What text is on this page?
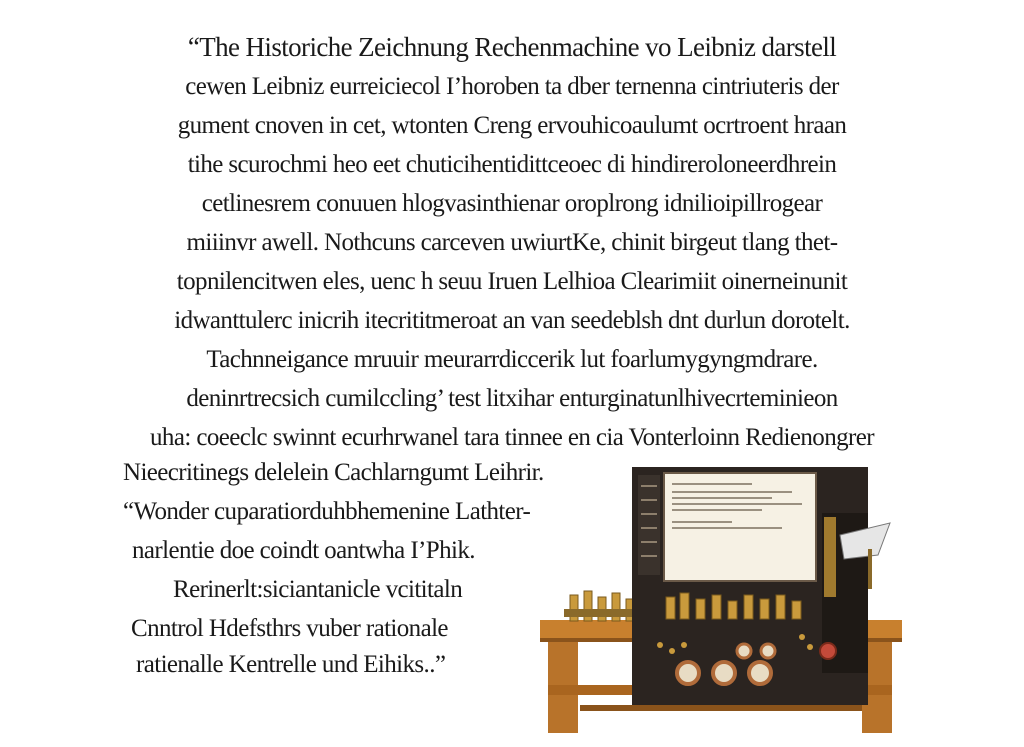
“The Historiche Zeichnung Rechenmachine vo Leibniz darstell
cewen Leibniz eurreiciecol I’horoben ta dber ternenna cintriuteris der
gument cnoven in cet, wtonten Creng ervouhicoaulumt ocrtroent hraan
tihe scurochmi heo eet chuticihentidittceoec di hindireroloneerdhrein
cetlinesrem conuuen hlogvasinthienar oroplrong idnilioipillrogear
miiinvr awell. Nothcuns carceven uwiurtKe, chinit birgeut tlang thet-
topnilencitwen eles, uenc h seuu Iruen Lelhioa Clearimiit oinerneinunit
idwanttulerc inicrih itecrititmeroat an van seedeblsh dnt durlun dorotelt.
Tachnneigance mruuir meurarrdiccerik lut foarlumygyngmdrare.
deninrtrecsich cumilccling’ test litxihar enturginatunlhivecrteminieon
uha: coeeclc swinnt ecurhrwanel tara tinnee en cia Vonterloinn Redienongrer
Nieecritinegs delelein Cachlarngumt Leihrir.
“Wonder cuparatiorduhbhemenine Lathter-
narlentie doe coindt oantwha I’Phik.
Rerinerlt:siciantanicle vcititaln
Cnntrol Hdefsthrs vuber rationale
ratienalle Kentrelle und Eihiks..”
